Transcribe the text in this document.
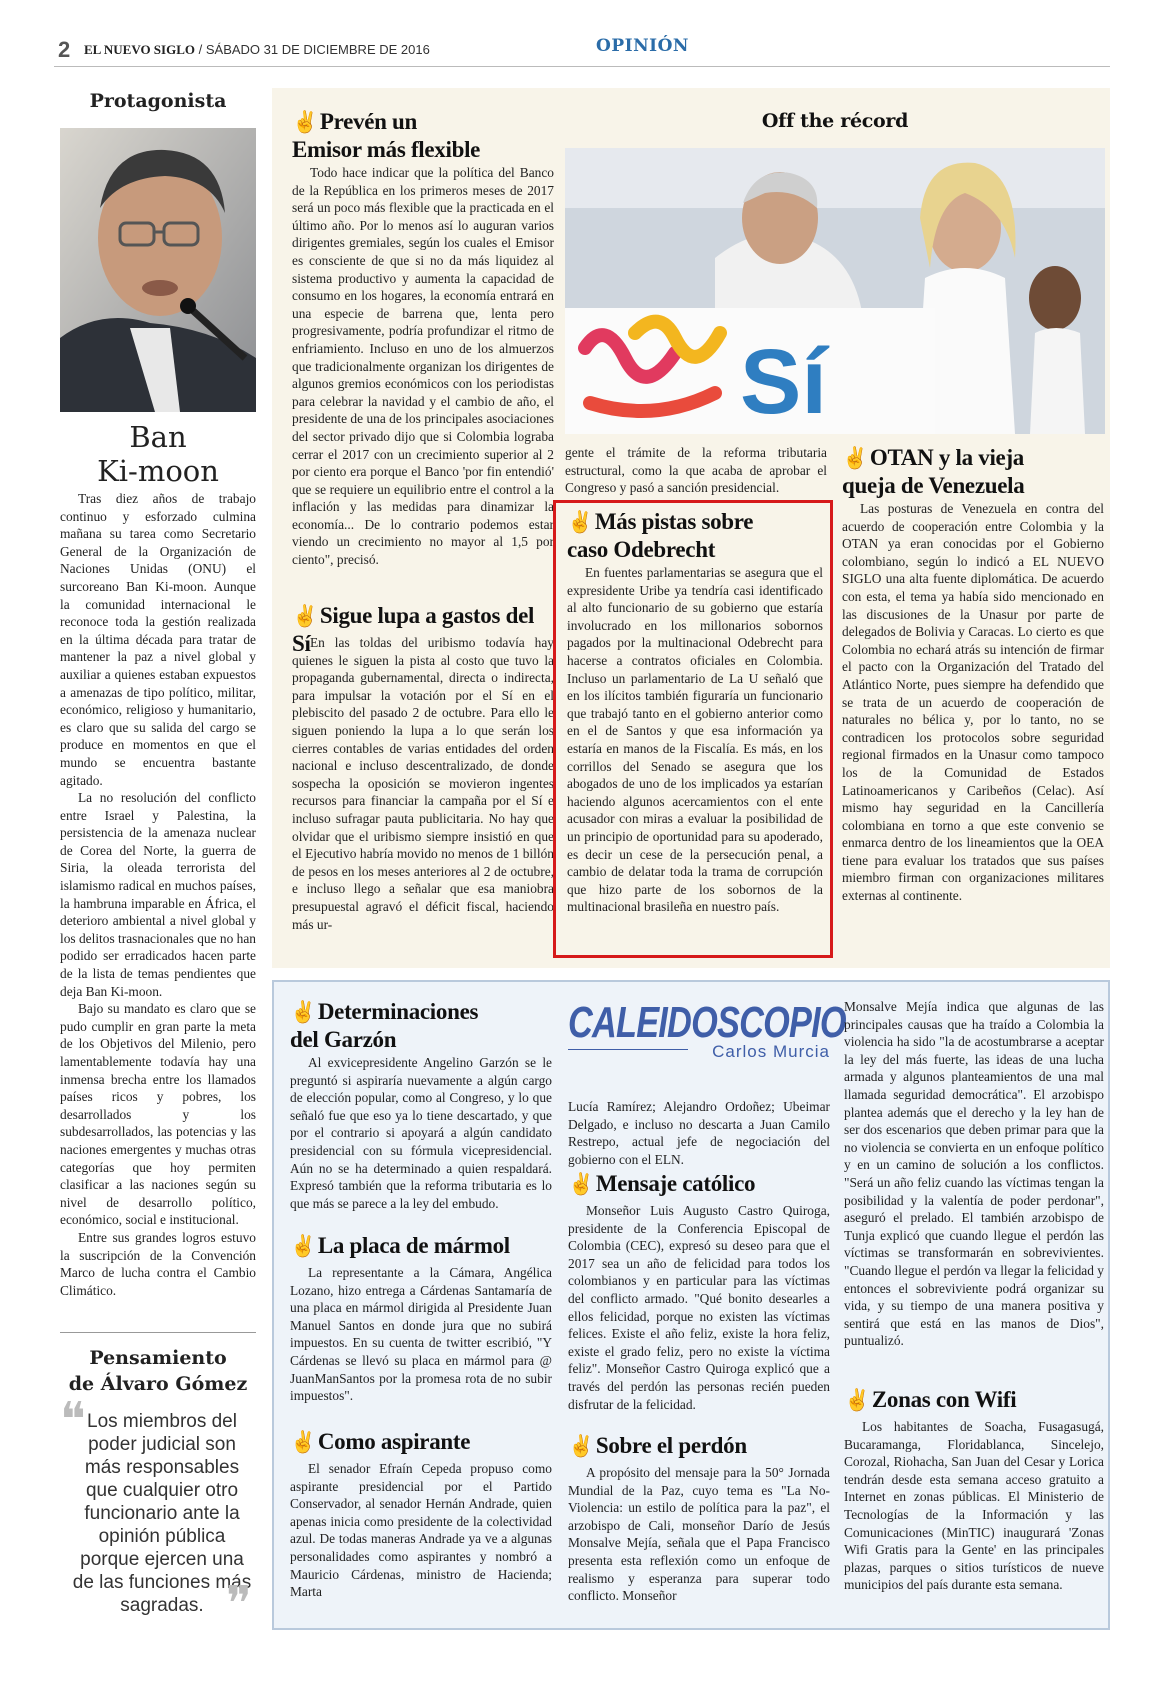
2 EL NUEVO SIGLO / SÁBADO 31 DE DICIEMBRE DE 2016	OPINIÓN
Protagonista
Ban
Ki-moon

Tras diez años de trabajo continuo y esforzado culmina mañana su tarea como Secretario General de la Organización de Naciones Unidas (ONU) el surcoreano Ban Ki-moon. Aunque la comunidad internacional le reconoce toda la gestión realizada en la última década para tratar de mantener la paz a nivel global y auxiliar a quienes estaban expuestos a amenazas de tipo político, militar, económico, religioso y humanitario, es claro que su salida del cargo se produce en momentos en que el mundo se encuentra bastante agitado.

La no resolución del conflicto entre Israel y Palestina, la persistencia de la amenaza nuclear de Corea del Norte, la guerra de Siria, la oleada terrorista del islamismo radical en muchos países, la hambruna imparable en África, el deterioro ambiental a nivel global y los delitos trasnacionales que no han podido ser erradicados hacen parte de la lista de temas pendientes que deja Ban Ki-moon.

Bajo su mandato es claro que se pudo cumplir en gran parte la meta de los Objetivos del Milenio, pero lamentablemente todavía hay una inmensa brecha entre los llamados países ricos y pobres, los desarrollados y los subdesarrollados, las potencias y las naciones emergentes y muchas otras categorías que hoy permiten clasificar a las naciones según su nivel de desarrollo político, económico, social e institucional.

Entre sus grandes logros estuvo la suscripción de la Convención Marco de lucha contra el Cambio Climático.

Pensamiento
de Álvaro Gómez
❝ Los miembros del poder judicial son más responsables que cualquier otro funcionario ante la opinión pública porque ejercen una de las funciones más sagradas. ❞
✌Prevén un
Emisor más flexible

Todo hace indicar que la política del Banco de la República en los primeros meses de 2017 será un poco más flexible que la practicada en el último año. Por lo menos así lo auguran varios dirigentes gremiales, según los cuales el Emisor es consciente de que si no da más liquidez al sistema productivo y aumenta la capacidad de consumo en los hogares, la economía entrará en una especie de barrena que, lenta pero progresivamente, podría profundizar el ritmo de enfriamiento. Incluso en uno de los almuerzos que tradicionalmente organizan los dirigentes de algunos gremios económicos con los periodistas para celebrar la navidad y el cambio de año, el presidente de una de los principales asociaciones del sector privado dijo que si Colombia lograba cerrar el 2017 con un crecimiento superior al 2 por ciento era porque el Banco 'por fin entendió' que se requiere un equilibrio entre el control a la inflación y las medidas para dinamizar la economía... De lo contrario podemos estar viendo un crecimiento no mayor al 1,5 por ciento", precisó.

✌Sigue lupa a gastos del Sí En las toldas del uribismo todavía hay quienes le siguen la pista al costo que tuvo la propaganda gubernamental, directa o indirecta, para impulsar la votación por el Sí en el plebiscito del pasado 2 de octubre. Para ello le siguen poniendo la lupa a lo que serán los cierres contables de varias entidades del orden nacional e incluso descentralizado, de donde sospecha la oposición se movieron ingentes recursos para financiar la campaña por el Sí e incluso sufragar pauta publicitaria. No hay que olvidar que el uribismo siempre insistió en que el Ejecutivo habría movido no menos de 1 billón de pesos en los meses anteriores al 2 de octubre, e incluso llego a señalar que esa maniobra presupuestal agravó el déficit fiscal, haciendo más ur-

Off the récord
Sí

gente el trámite de la reforma tributaria estructural, como la que acaba de aprobar el Congreso y pasó a sanción presidencial.

✌Más pistas sobre
caso Odebrecht

En fuentes parlamentarias se asegura que el expresidente Uribe ya tendría casi identificado al alto funcionario de su gobierno que estaría involucrado en los millonarios sobornos pagados por la multinacional Odebrecht para hacerse a contratos oficiales en Colombia. Incluso un parlamentario de La U señaló que en los ilícitos también figuraría un funcionario que trabajó tanto en el gobierno anterior como en el de Santos y que esa información ya estaría en manos de la Fiscalía. Es más, en los corrillos del Senado se asegura que los abogados de uno de los implicados ya estarían haciendo algunos acercamientos con el ente acusador con miras a evaluar la posibilidad de un principio de oportunidad para su apoderado, es decir un cese de la persecución penal, a cambio de delatar toda la trama de corrupción que hizo parte de los sobornos de la multinacional brasileña en nuestro país.

✌OTAN y la vieja
queja de Venezuela

Las posturas de Venezuela en contra del acuerdo de cooperación entre Colombia y la OTAN ya eran conocidas por el Gobierno colombiano, según lo indicó a EL NUEVO SIGLO una alta fuente diplomática. De acuerdo con esta, el tema ya había sido mencionado en las discusiones de la Unasur por parte de delegados de Bolivia y Caracas. Lo cierto es que Colombia no echará atrás su intención de firmar el pacto con la Organización del Tratado del Atlántico Norte, pues siempre ha defendido que se trata de un acuerdo de cooperación de naturales no bélica y, por lo tanto, no se contradicen los protocolos sobre seguridad regional firmados en la Unasur como tampoco los de la Comunidad de Estados Latinoamericanos y Caribeños (Celac). Así mismo hay seguridad en la Cancillería colombiana en torno a que este convenio se enmarca dentro de los lineamientos que la OEA tiene para evaluar los tratados que sus países miembro firman con organizaciones militares externas al continente.

✌Determinaciones
del Garzón

Al exvicepresidente Angelino Garzón se le preguntó si aspiraría nuevamente a algún cargo de elección popular, como al Congreso, y lo que señaló fue que eso ya lo tiene descartado, y que por el contrario si apoyará a algún candidato presidencial con su fórmula vicepresidencial. Aún no se ha determinado a quien respaldará. Expresó también que la reforma tributaria es lo que más se parece a la ley del embudo.

✌La placa de mármol

La representante a la Cámara, Angélica Lozano, hizo entrega a Cárdenas Santamaría de una placa en mármol dirigida al Presidente Juan Manuel Santos en donde jura que no subirá impuestos. En su cuenta de twitter escribió, "Y Cárdenas se llevó su placa en mármol para @ JuanManSantos por la promesa rota de no subir impuestos".

✌Como aspirante

El senador Efraín Cepeda propuso como aspirante presidencial por el Partido Conservador, al senador Hernán Andrade, quien apenas inicia como presidente de la colectividad azul. De todas maneras Andrade ya ve a algunas personalidades como aspirantes y nombró a Mauricio Cárdenas, ministro de Hacienda; Marta

CALEIDOSCOPIO
Carlos Murcia

Lucía Ramírez; Alejandro Ordoñez; Ubeimar Delgado, e incluso no descarta a Juan Camilo Restrepo, actual jefe de negociación del gobierno con el ELN.

✌Mensaje católico

Monseñor Luis Augusto Castro Quiroga, presidente de la Conferencia Episcopal de Colombia (CEC), expresó su deseo para que el 2017 sea un año de felicidad para todos los colombianos y en particular para las víctimas del conflicto armado. "Qué bonito desearles a ellos felicidad, porque no existen las víctimas felices. Existe el año feliz, existe la hora feliz, existe el grado feliz, pero no existe la víctima feliz". Monseñor Castro Quiroga explicó que a través del perdón las personas recién pueden disfrutar de la felicidad.

✌Sobre el perdón

A propósito del mensaje para la 50° Jornada Mundial de la Paz, cuyo tema es "La No-Violencia: un estilo de política para la paz", el arzobispo de Cali, monseñor Darío de Jesús Monsalve Mejía, señala que el Papa Francisco presenta esta reflexión como un enfoque de realismo y esperanza para superar todo conflicto. Monseñor

Monsalve Mejía indica que algunas de las principales causas que ha traído a Colombia la violencia ha sido "la de acostumbrarse a aceptar la ley del más fuerte, las ideas de una lucha armada y algunos planteamientos de una mal llamada seguridad democrática". El arzobispo plantea además que el derecho y la ley han de ser dos escenarios que deben primar para que la no violencia se convierta en un enfoque político y en un camino de solución a los conflictos. "Será un año feliz cuando las víctimas tengan la posibilidad y la valentía de poder perdonar", aseguró el prelado. El también arzobispo de Tunja explicó que cuando llegue el perdón las víctimas se transformarán en sobrevivientes. "Cuando llegue el perdón va llegar la felicidad y entonces el sobreviviente podrá organizar su vida, y su tiempo de una manera positiva y sentirá que está en las manos de Dios", puntualizó.

✌Zonas con Wifi

Los habitantes de Soacha, Fusagasugá, Bucaramanga, Floridablanca, Sincelejo, Corozal, Riohacha, San Juan del Cesar y Lorica tendrán desde esta semana acceso gratuito a Internet en zonas públicas. El Ministerio de Tecnologías de la Información y las Comunicaciones (MinTIC) inaugurará 'Zonas Wifi Gratis para la Gente' en las principales plazas, parques o sitios turísticos de nueve municipios del país durante esta semana.
